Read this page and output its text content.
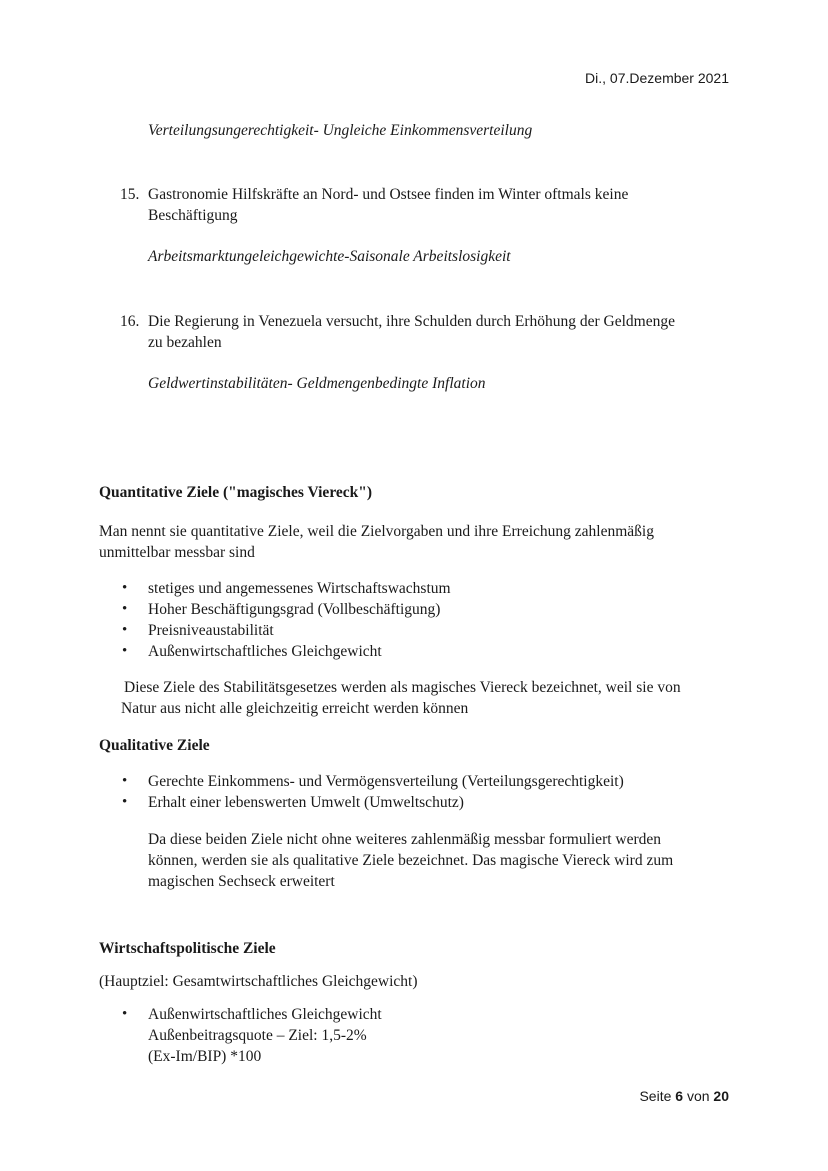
Di., 07.Dezember 2021
Verteilungsungerechtigkeit- Ungleiche Einkommensverteilung
15. Gastronomie Hilfskräfte an Nord- und Ostsee finden im Winter oftmals keine
Beschäftigung
Arbeitsmarktungeleichgewichte-Saisonale Arbeitslosigkeit
16. Die Regierung in Venezuela versucht, ihre Schulden durch Erhöhung der Geldmenge
zu bezahlen
Geldwertinstabilitäten- Geldmengenbedingte Inflation
Quantitative Ziele ("magisches Viereck")
Man nennt sie quantitative Ziele, weil die Zielvorgaben und ihre Erreichung zahlenmäßig
unmittelbar messbar sind
• stetiges und angemessenes Wirtschaftswachstum
• Hoher Beschäftigungsgrad (Vollbeschäftigung)
• Preisniveaustabilität
• Außenwirtschaftliches Gleichgewicht
Diese Ziele des Stabilitätsgesetzes werden als magisches Viereck bezeichnet, weil sie von
Natur aus nicht alle gleichzeitig erreicht werden können
Qualitative Ziele
• Gerechte Einkommens- und Vermögensverteilung (Verteilungsgerechtigkeit)
• Erhalt einer lebenswerten Umwelt (Umweltschutz)
Da diese beiden Ziele nicht ohne weiteres zahlenmäßig messbar formuliert werden
können, werden sie als qualitative Ziele bezeichnet. Das magische Viereck wird zum
magischen Sechseck erweitert
Wirtschaftspolitische Ziele
(Hauptziel: Gesamtwirtschaftliches Gleichgewicht)
• Außenwirtschaftliches Gleichgewicht
Außenbeitragsquote – Ziel: 1,5-2%
(Ex-Im/BIP) *100
Seite 6 von 20
